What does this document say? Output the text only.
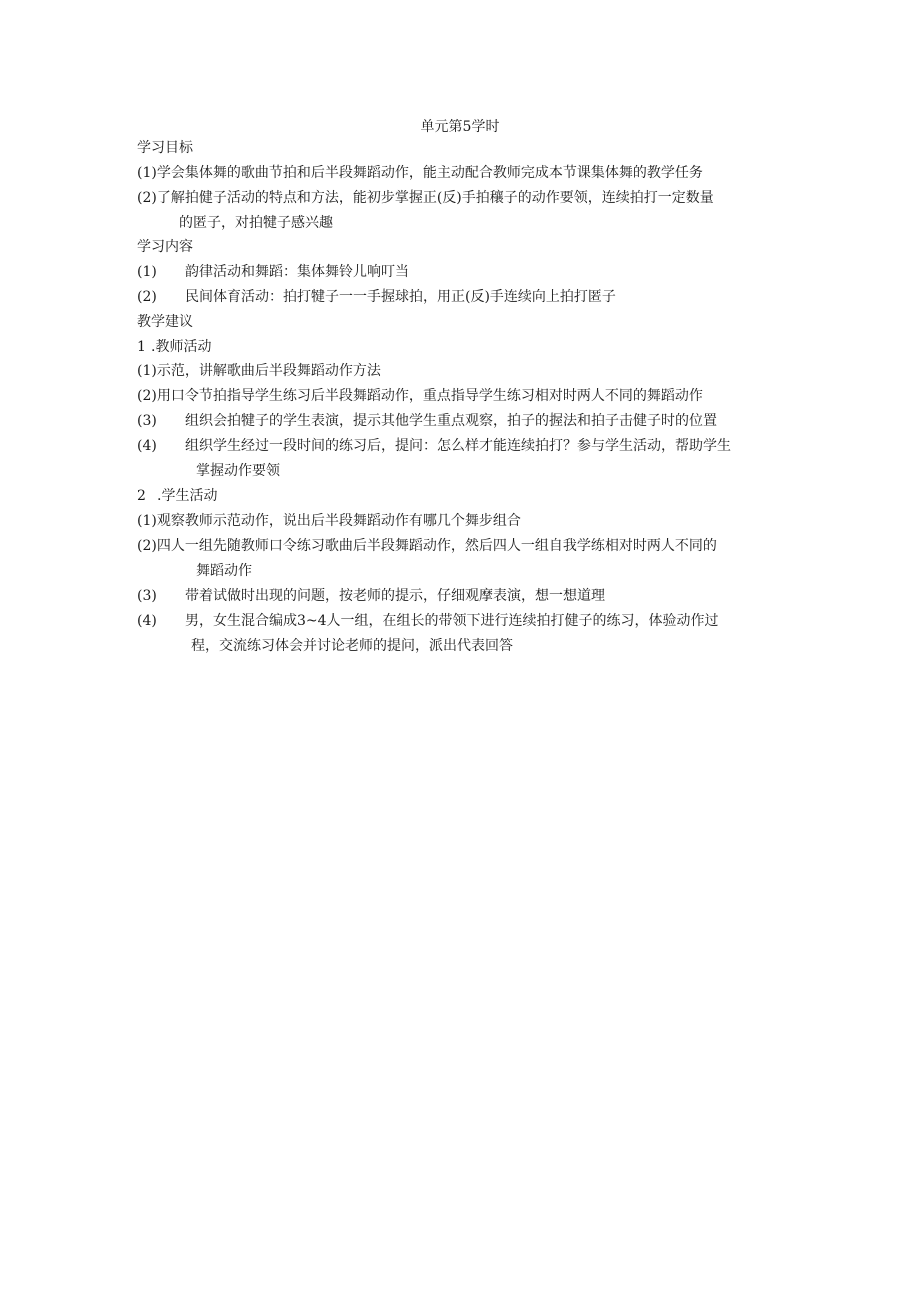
单元第5学时
学习目标
(1)学会集体舞的歌曲节拍和后半段舞蹈动作，能主动配合教师完成本节课集体舞的教学任务
(2)了解拍健子活动的特点和方法，能初步掌握正(反)手拍穰子的动作要领，连续拍打一定数量
的匿子，对拍犍子感兴趣
学习内容
(1) 韵律活动和舞蹈：集体舞铃儿响叮当
(2) 民间体育活动：拍打犍子一一手握球拍，用正(反)手连续向上拍打匿子
教学建议
1 .教师活动
(1)示范，讲解歌曲后半段舞蹈动作方法
(2)用口令节拍指导学生练习后半段舞蹈动作，重点指导学生练习相对时两人不同的舞蹈动作
(3) 组织会拍犍子的学生表演，提示其他学生重点观察，拍子的握法和拍子击健子时的位置
(4) 组织学生经过一段时间的练习后，提问：怎么样才能连续拍打？参与学生活动，帮助学生
掌握动作要领
2 .学生活动
(1)观察教师示范动作，说出后半段舞蹈动作有哪几个舞步组合
(2)四人一组先随教师口令练习歌曲后半段舞蹈动作，然后四人一组自我学练相对时两人不同的
舞蹈动作
(3) 带着试做时出现的问题，按老师的提示，仔细观摩表演，想一想道理
(4) 男，女生混合编成3~4人一组，在组长的带领下进行连续拍打健子的练习，体验动作过
程，交流练习体会并讨论老师的提问，派出代表回答
